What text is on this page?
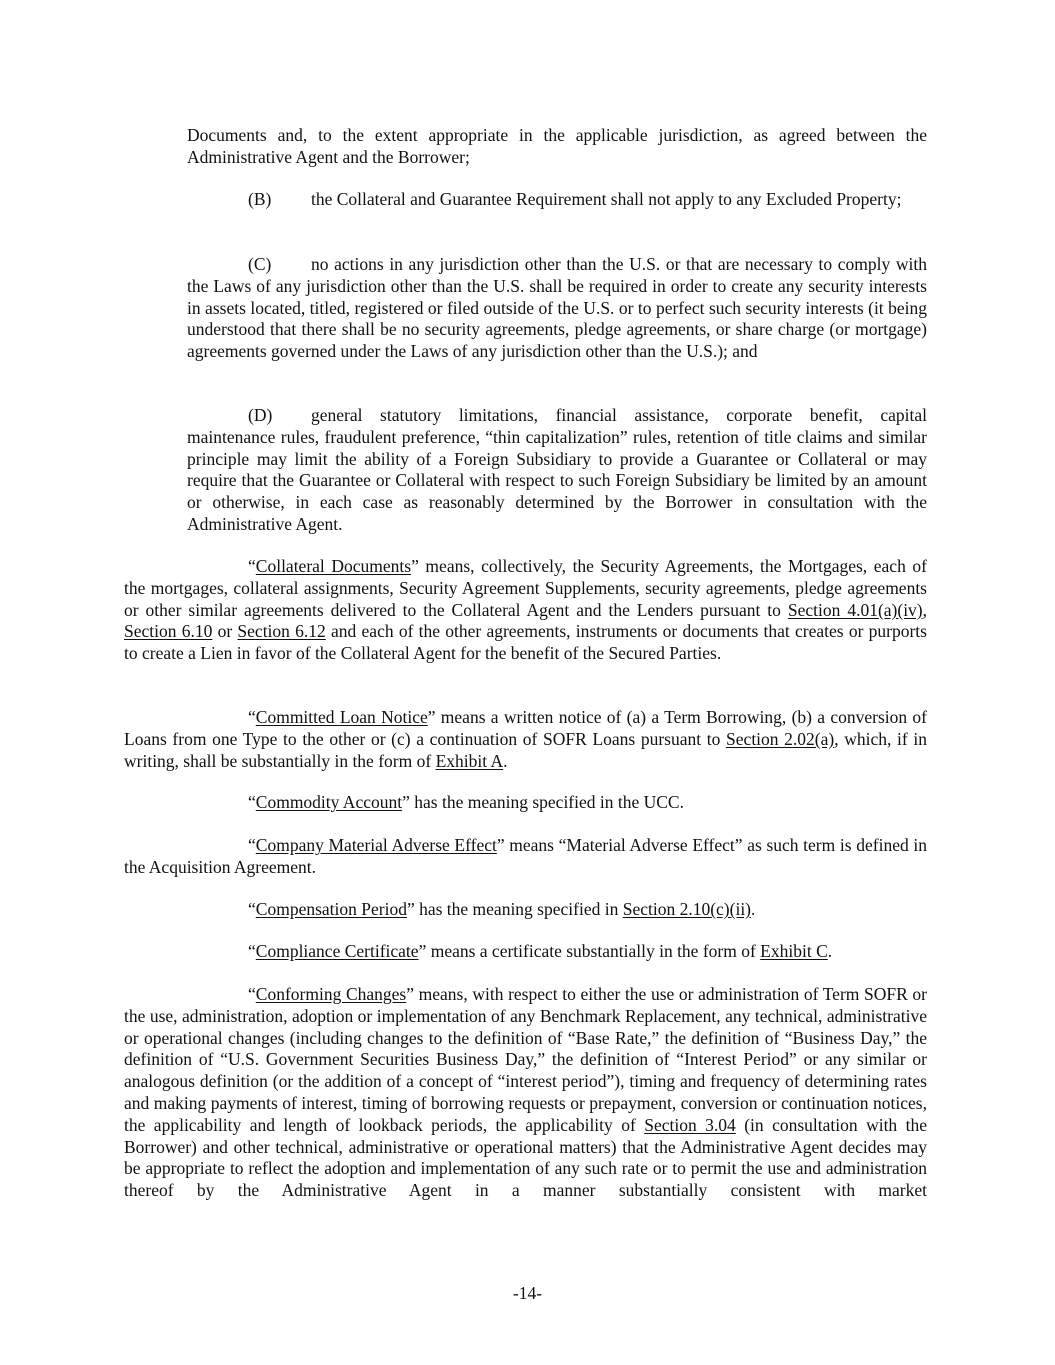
Documents and, to the extent appropriate in the applicable jurisdiction, as agreed between the Administrative Agent and the Borrower;

(B) the Collateral and Guarantee Requirement shall not apply to any Excluded Property;

(C) no actions in any jurisdiction other than the U.S. or that are necessary to comply with the Laws of any jurisdiction other than the U.S. shall be required in order to create any security interests in assets located, titled, registered or filed outside of the U.S. or to perfect such security interests (it being understood that there shall be no security agreements, pledge agreements, or share charge (or mortgage) agreements governed under the Laws of any jurisdiction other than the U.S.); and

(D) general statutory limitations, financial assistance, corporate benefit, capital maintenance rules, fraudulent preference, “thin capitalization” rules, retention of title claims and similar principle may limit the ability of a Foreign Subsidiary to provide a Guarantee or Collateral or may require that the Guarantee or Collateral with respect to such Foreign Subsidiary be limited by an amount or otherwise, in each case as reasonably determined by the Borrower in consultation with the Administrative Agent.

“Collateral Documents” means, collectively, the Security Agreements, the Mortgages, each of the mortgages, collateral assignments, Security Agreement Supplements, security agreements, pledge agreements or other similar agreements delivered to the Collateral Agent and the Lenders pursuant to Section 4.01(a)(iv), Section 6.10 or Section 6.12 and each of the other agreements, instruments or documents that creates or purports to create a Lien in favor of the Collateral Agent for the benefit of the Secured Parties.

“Committed Loan Notice” means a written notice of (a) a Term Borrowing, (b) a conversion of Loans from one Type to the other or (c) a continuation of SOFR Loans pursuant to Section 2.02(a), which, if in writing, shall be substantially in the form of Exhibit A.

“Commodity Account” has the meaning specified in the UCC.

“Company Material Adverse Effect” means “Material Adverse Effect” as such term is defined in the Acquisition Agreement.

“Compensation Period” has the meaning specified in Section 2.10(c)(ii).

“Compliance Certificate” means a certificate substantially in the form of Exhibit C.

“Conforming Changes” means, with respect to either the use or administration of Term SOFR or the use, administration, adoption or implementation of any Benchmark Replacement, any technical, administrative or operational changes (including changes to the definition of “Base Rate,” the definition of “Business Day,” the definition of “U.S. Government Securities Business Day,” the definition of “Interest Period” or any similar or analogous definition (or the addition of a concept of “interest period”), timing and frequency of determining rates and making payments of interest, timing of borrowing requests or prepayment, conversion or continuation notices, the applicability and length of lookback periods, the applicability of Section 3.04 (in consultation with the Borrower) and other technical, administrative or operational matters) that the Administrative Agent decides may be appropriate to reflect the adoption and implementation of any such rate or to permit the use and administration thereof by the Administrative Agent in a manner substantially consistent with market

-14-
